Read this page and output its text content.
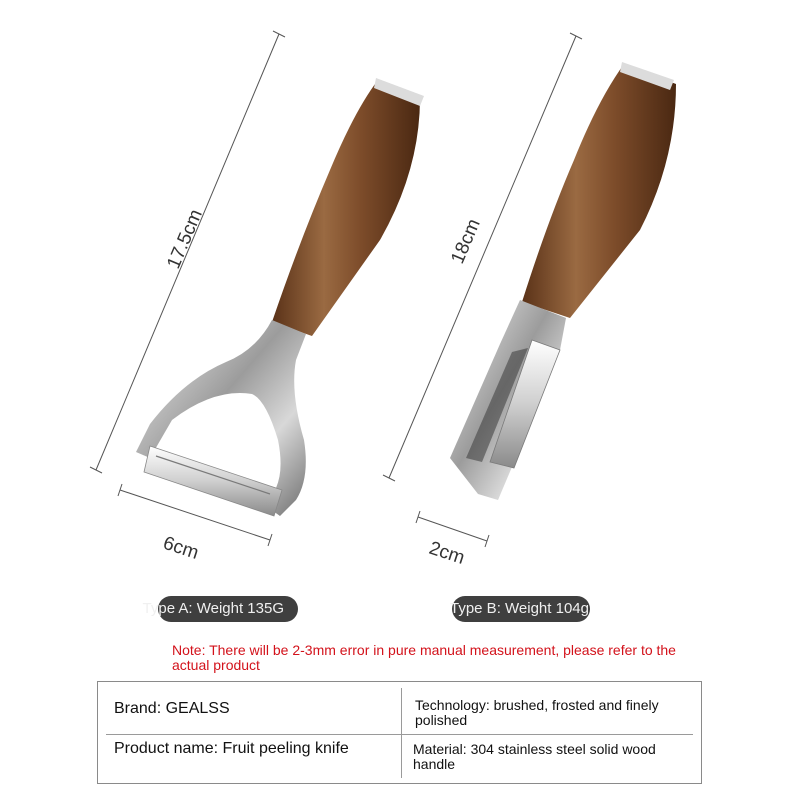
17.5cm
6cm
18cm
2cm
Type A: Weight 135G	Type B: Weight 104g
Note: There will be 2-3mm error in pure manual measurement, please refer to the actual product
Brand: GEALSS	Technology: brushed, frosted and finely polished
Product name: Fruit peeling knife	Material: 304 stainless steel solid wood handle
